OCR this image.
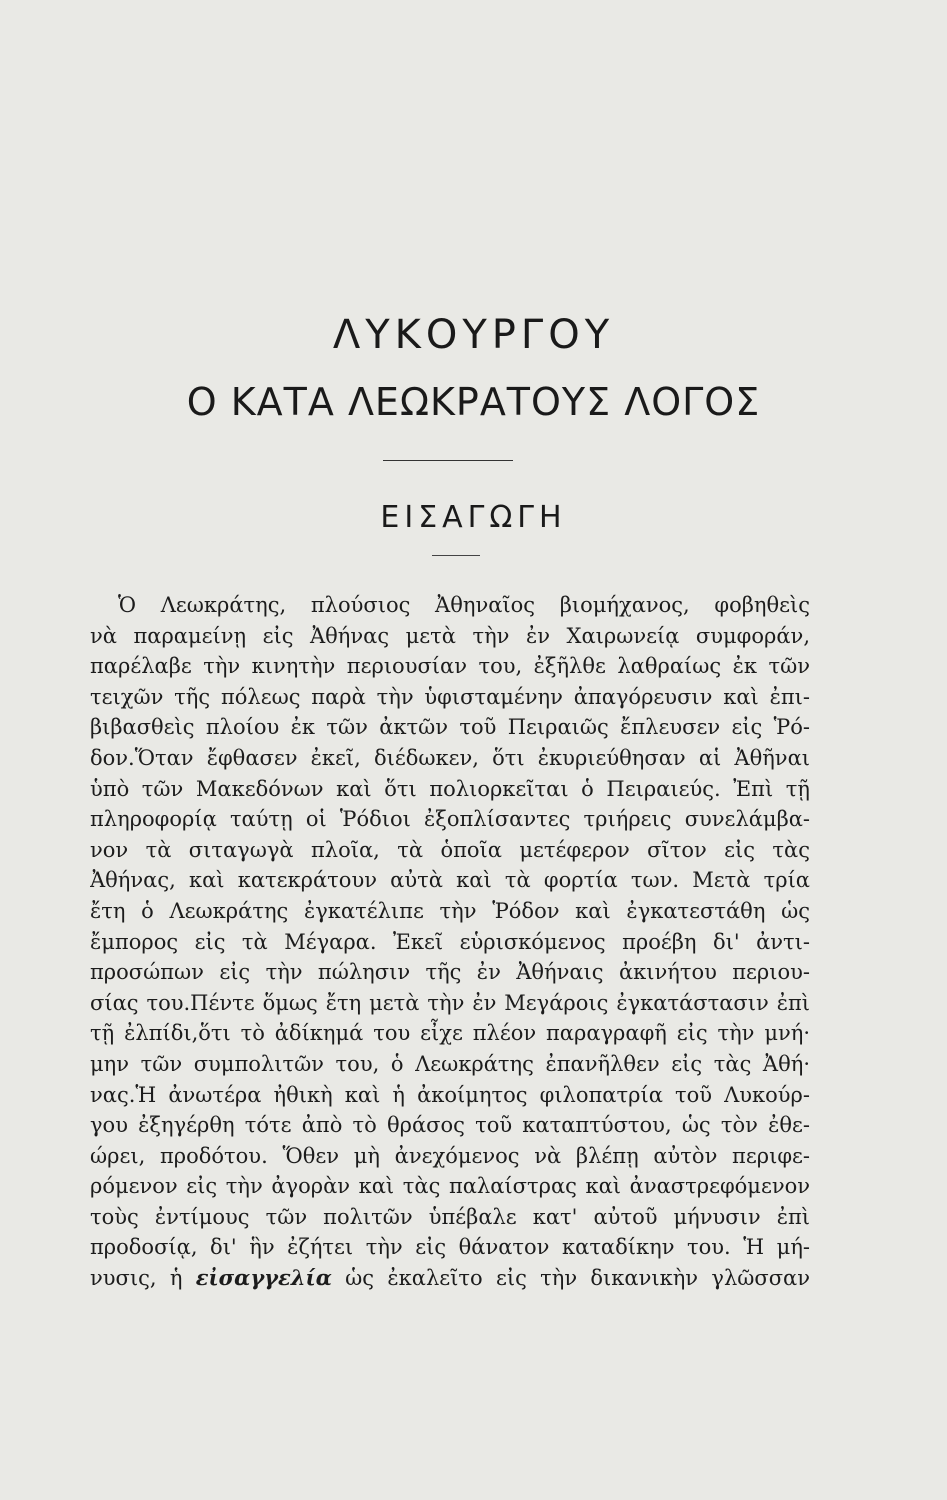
ΛΥΚΟΥΡΓΟΥ
Ο ΚΑΤΑ ΛΕΩΚΡΑΤΟΥΣ ΛΟΓΟΣ
ΕΙΣΑΓΩΓΗ
Ὁ Λεωκράτης, πλούσιος Ἀθηναῖος βιομήχανος, φοβηθεὶς
νὰ παραμείνῃ εἰς Ἀθήνας μετὰ τὴν ἐν Χαιρωνείᾳ συμφοράν,
παρέλαβε τὴν κινητὴν περιουσίαν του, ἐξῆλθε λαθραίως ἐκ τῶν
τειχῶν τῆς πόλεως παρὰ τὴν ὑφισταμένην ἀπαγόρευσιν καὶ ἐπι-
βιβασθεὶς πλοίου ἐκ τῶν ἀκτῶν τοῦ Πειραιῶς ἔπλευσεν εἰς Ῥό-
δον.Ὅταν ἔφθασεν ἐκεῖ, διέδωκεν, ὅτι ἐκυριεύθησαν αἱ Ἀθῆναι
ὑπὸ τῶν Μακεδόνων καὶ ὅτι πολιορκεῖται ὁ Πειραιεύς. Ἐπὶ τῇ
πληροφορίᾳ ταύτῃ οἱ Ῥόδιοι ἐξοπλίσαντες τριήρεις συνελάμβα-
νον τὰ σιταγωγὰ πλοῖα, τὰ ὁποῖα μετέφερον σῖτον εἰς τὰς
Ἀθήνας, καὶ κατεκράτουν αὐτὰ καὶ τὰ φορτία των. Μετὰ τρία
ἔτη ὁ Λεωκράτης ἐγκατέλιπε τὴν Ῥόδον καὶ ἐγκατεστάθη ὡς
ἔμπορος εἰς τὰ Μέγαρα. Ἐκεῖ εὑρισκόμενος προέβη δι' ἀντι-
προσώπων εἰς τὴν πώλησιν τῆς ἐν Ἀθήναις ἀκινήτου περιου-
σίας του.Πέντε ὅμως ἔτη μετὰ τὴν ἐν Μεγάροις ἐγκατάστασιν ἐπὶ
τῇ ἐλπίδι,ὅτι τὸ ἀδίκημά του εἶχε πλέον παραγραφῆ εἰς τὴν μνή·
μην τῶν συμπολιτῶν του, ὁ Λεωκράτης ἐπανῆλθεν εἰς τὰς Ἀθή·
νας.Ἡ ἀνωτέρα ἠθικὴ καὶ ἡ ἀκοίμητος φιλοπατρία τοῦ Λυκούρ-
γου ἐξηγέρθη τότε ἀπὸ τὸ θράσος τοῦ καταπτύστου, ὡς τὸν ἐθε-
ώρει, προδότου. Ὅθεν μὴ ἀνεχόμενος νὰ βλέπῃ αὐτὸν περιφε-
ρόμενον εἰς τὴν ἀγορὰν καὶ τὰς παλαίστρας καὶ ἀναστρεφόμενον
τοὺς ἐντίμους τῶν πολιτῶν ὑπέβαλε κατ' αὐτοῦ μήνυσιν ἐπὶ
προδοσίᾳ, δι' ἣν ἐζήτει τὴν εἰς θάνατον καταδίκην του. Ἡ μή-
νυσις, ἡ εἰσαγγελία ὡς ἐκαλεῖτο εἰς τὴν δικανικὴν γλῶσσαν
